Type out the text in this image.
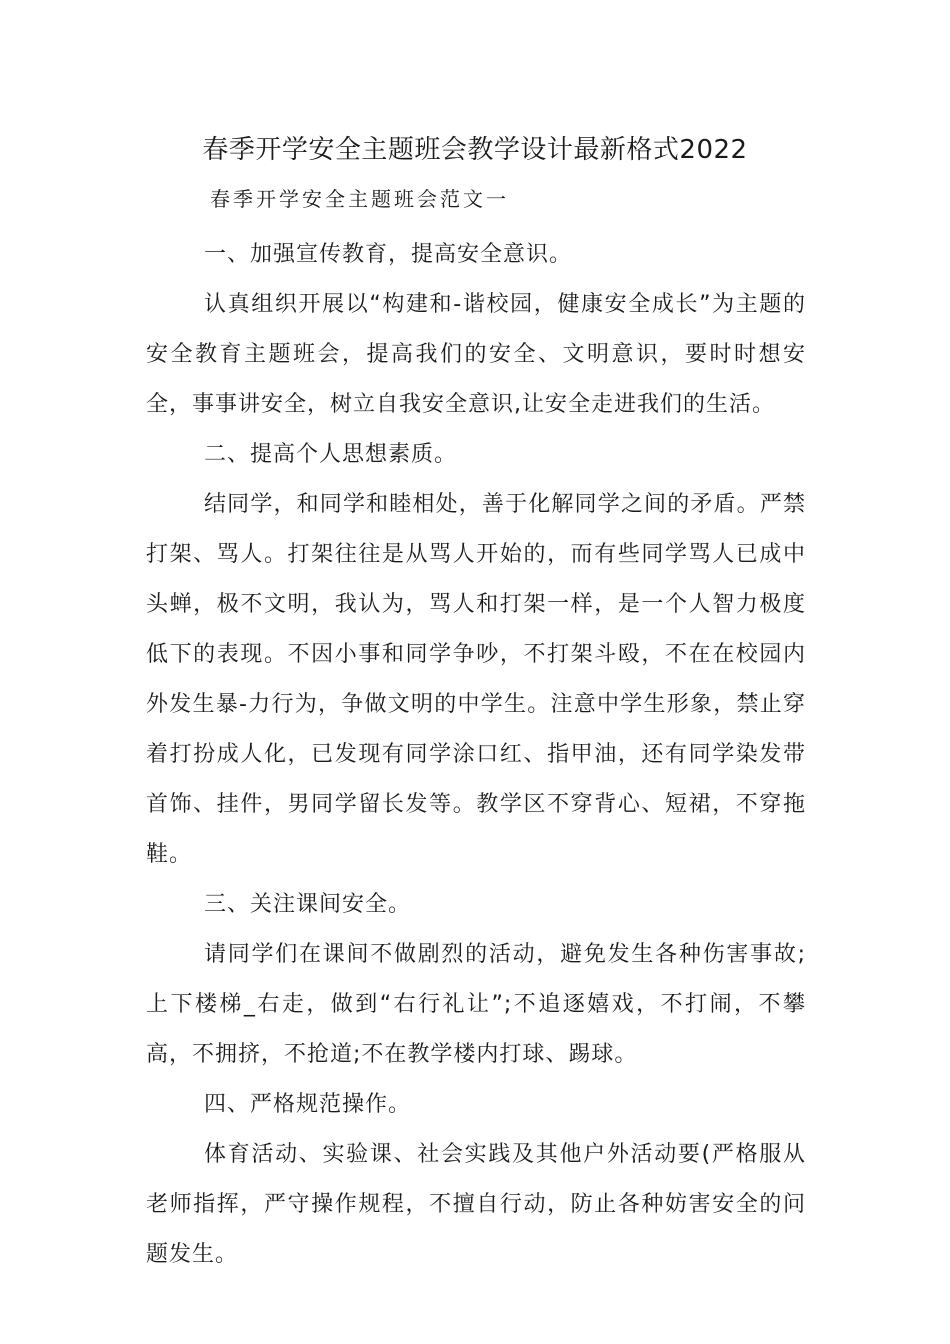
春季开学安全主题班会教学设计最新格式2022
春季开学安全主题班会范文一

一、加强宣传教育，提高安全意识。

认真组织开展以“构建和-谐校园，健康安全成长”为主题的安全教育主题班会，提高我们的安全、文明意识，要时时想安全，事事讲安全，树立自我安全意识,让安全走进我们的生活。

二、提高个人思想素质。

结同学，和同学和睦相处，善于化解同学之间的矛盾。严禁打架、骂人。打架往往是从骂人开始的，而有些同学骂人已成中头蝉，极不文明，我认为，骂人和打架一样，是一个人智力极度低下的表现。不因小事和同学争吵，不打架斗殴，不在在校园内外发生暴-力行为，争做文明的中学生。注意中学生形象，禁止穿着打扮成人化，已发现有同学涂口红、指甲油，还有同学染发带首饰、挂件，男同学留长发等。教学区不穿背心、短裙，不穿拖鞋。

三、关注课间安全。

请同学们在课间不做剧烈的活动，避免发生各种伤害事故;上下楼梯_右走，做到“右行礼让”;不追逐嬉戏，不打闹，不攀高，不拥挤，不抢道;不在教学楼内打球、踢球。

四、严格规范操作。

体育活动、实验课、社会实践及其他户外活动要(严格服从老师指挥，严守操作规程，不擅自行动，防止各种妨害安全的问题发生。
